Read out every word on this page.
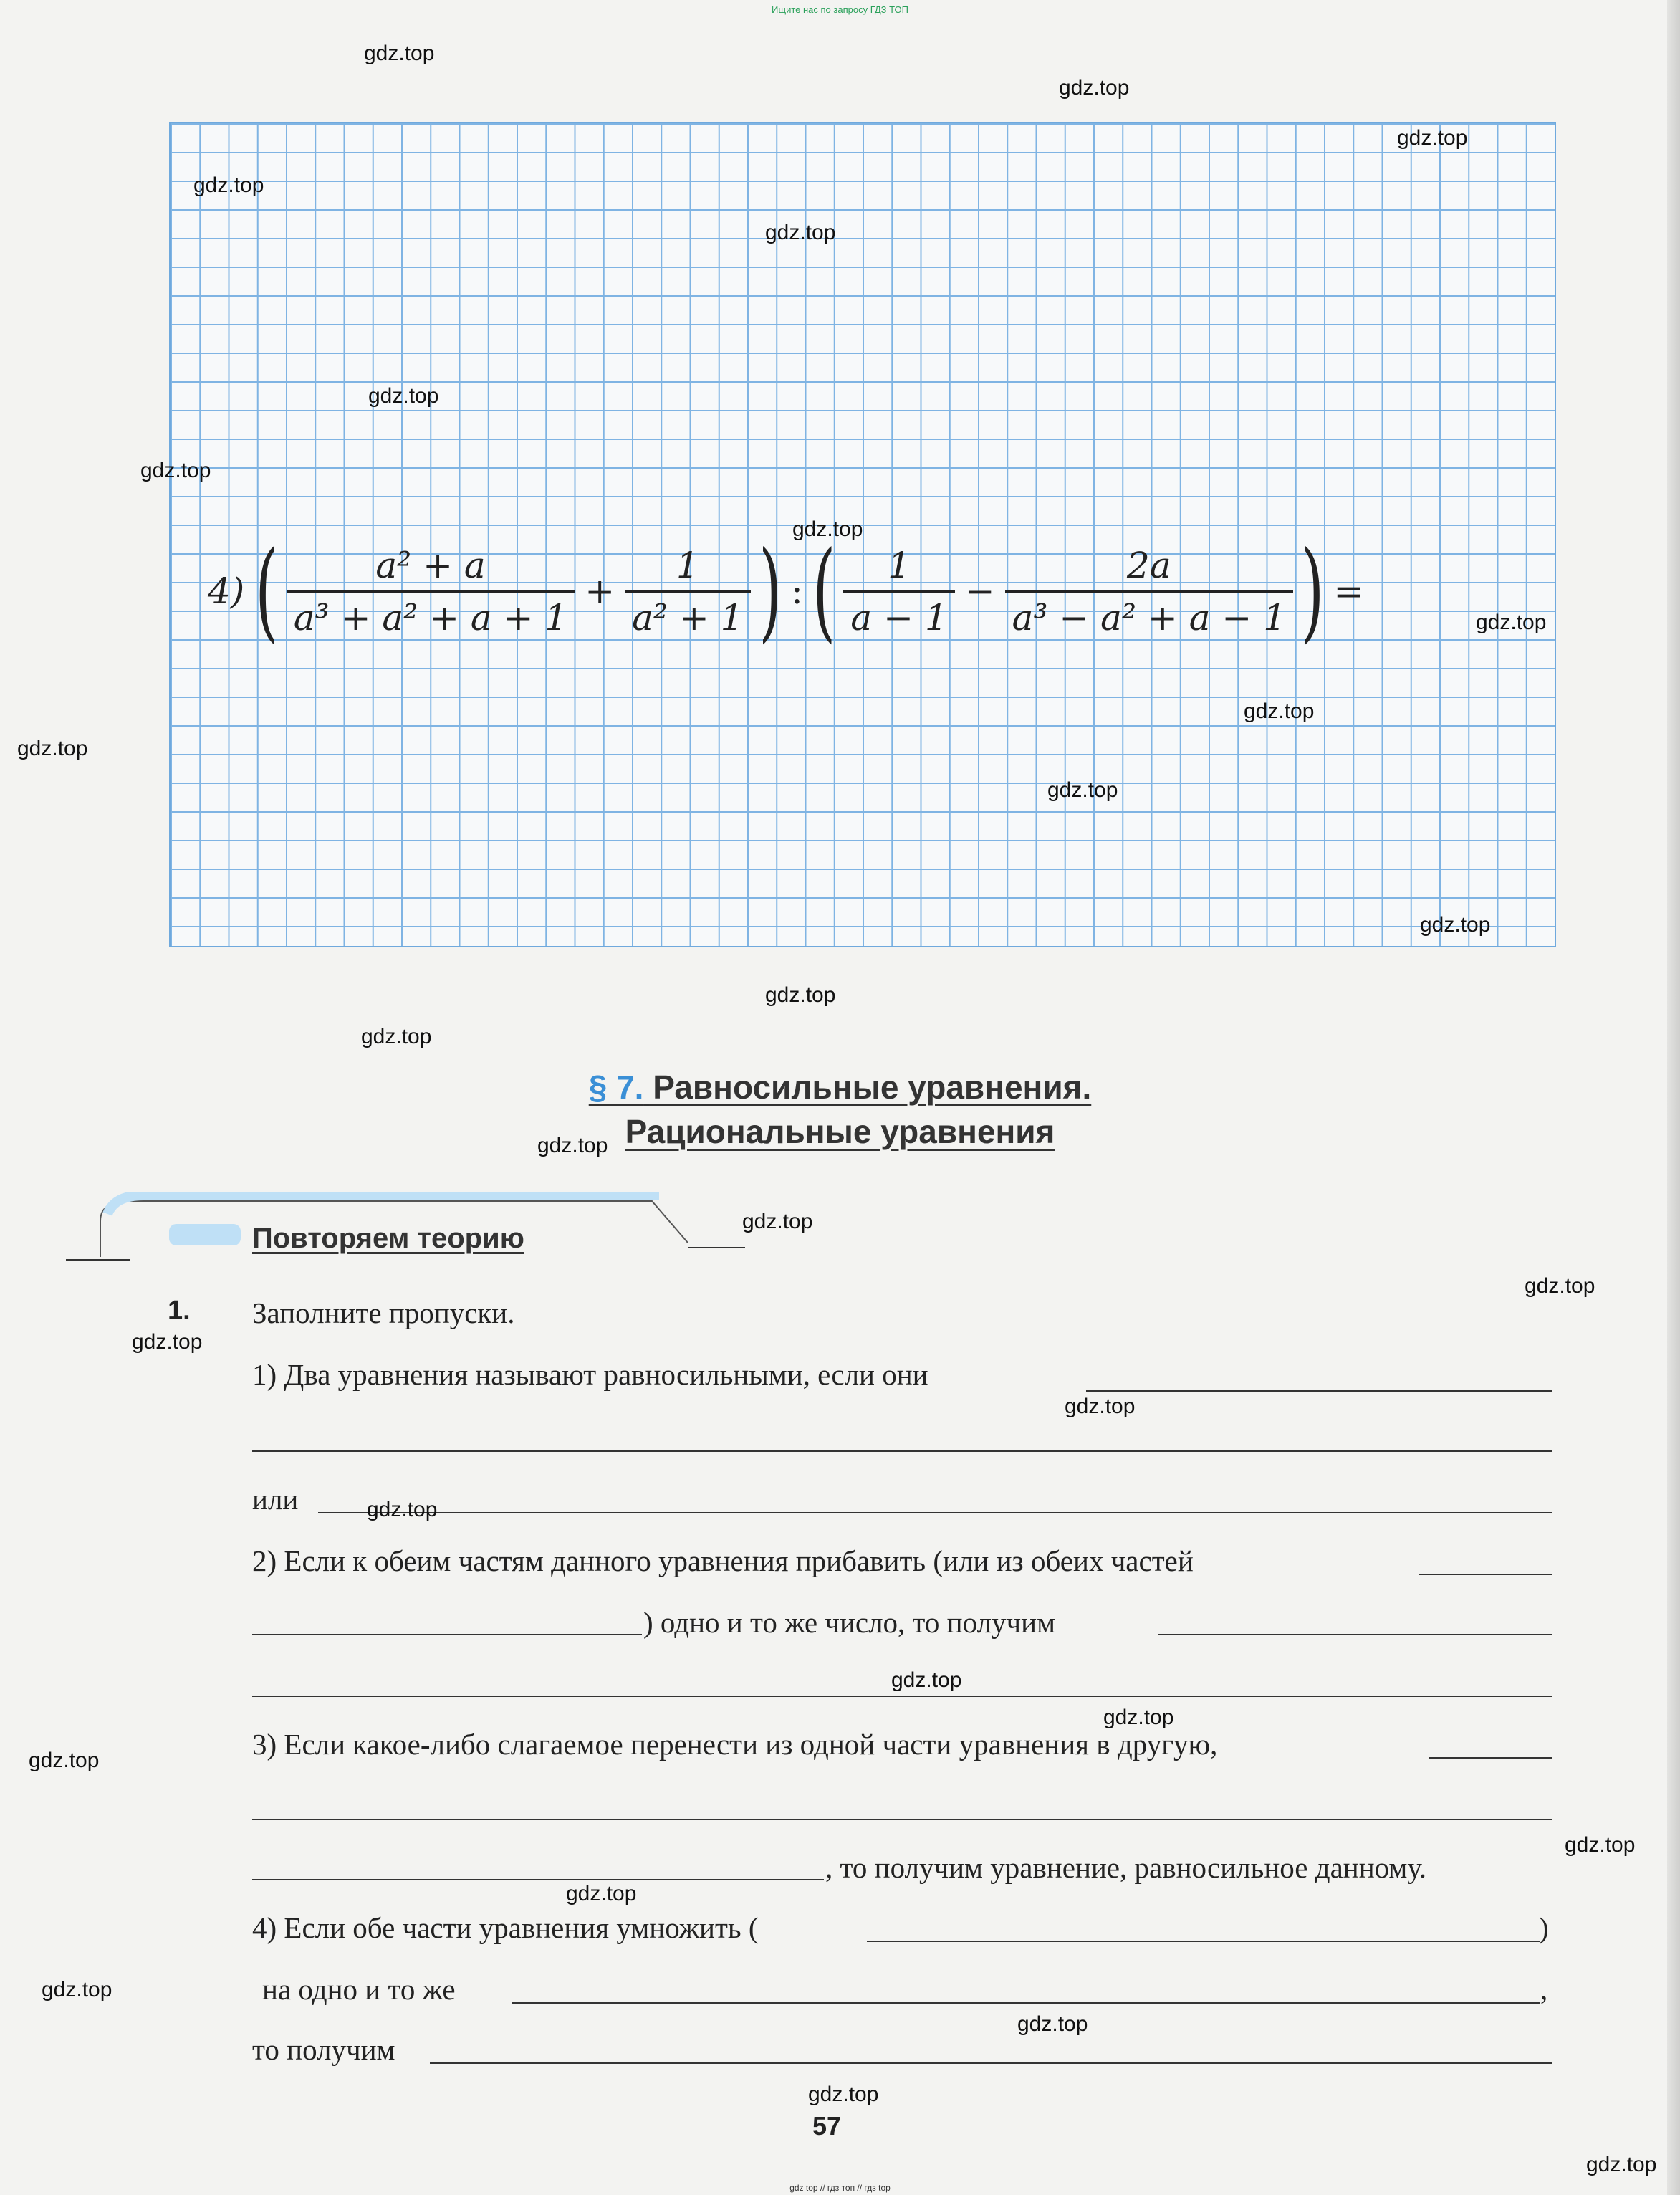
Ищите нас по запросу ГДЗ ТОП
4) ( $\frac{\text{a² + a}}{\text{a³ + a² + a + 1}} + \frac{1}{\text{a² + 1}}$ ) : ( $\frac{1}{a - 1} - \frac{2a}{\text{a³ − a² + a − 1}}$ ) =
§ 7. Равносильные уравнения.
Рациональные уравнения
Повторяем теорию
1. Заполните пропуски.
1) Два уравнения называют равносильными, если они
или
2) Если к обеим частям данного уравнения прибавить (или из обеих частей
) одно и то же число, то получим
3) Если какое-либо слагаемое перенести из одной части уравнения в другую,
, то получим уравнение, равносильное данному.
4) Если обе части уравнения умножить (	)
на одно и то же	,
то получим
57
gdz top // гдз топ // гдз top
gdz.top
gdz.top
gdz.top
gdz.top
gdz.top
gdz.top
gdz.top
gdz.top
gdz.top
gdz.top
gdz.top
gdz.top
gdz.top
gdz.top
gdz.top
gdz.top
gdz.top
gdz.top
gdz.top
gdz.top
gdz.top
gdz.top
gdz.top
gdz.top
gdz.top
gdz.top
gdz.top
gdz.top
gdz.top
gdz.top
